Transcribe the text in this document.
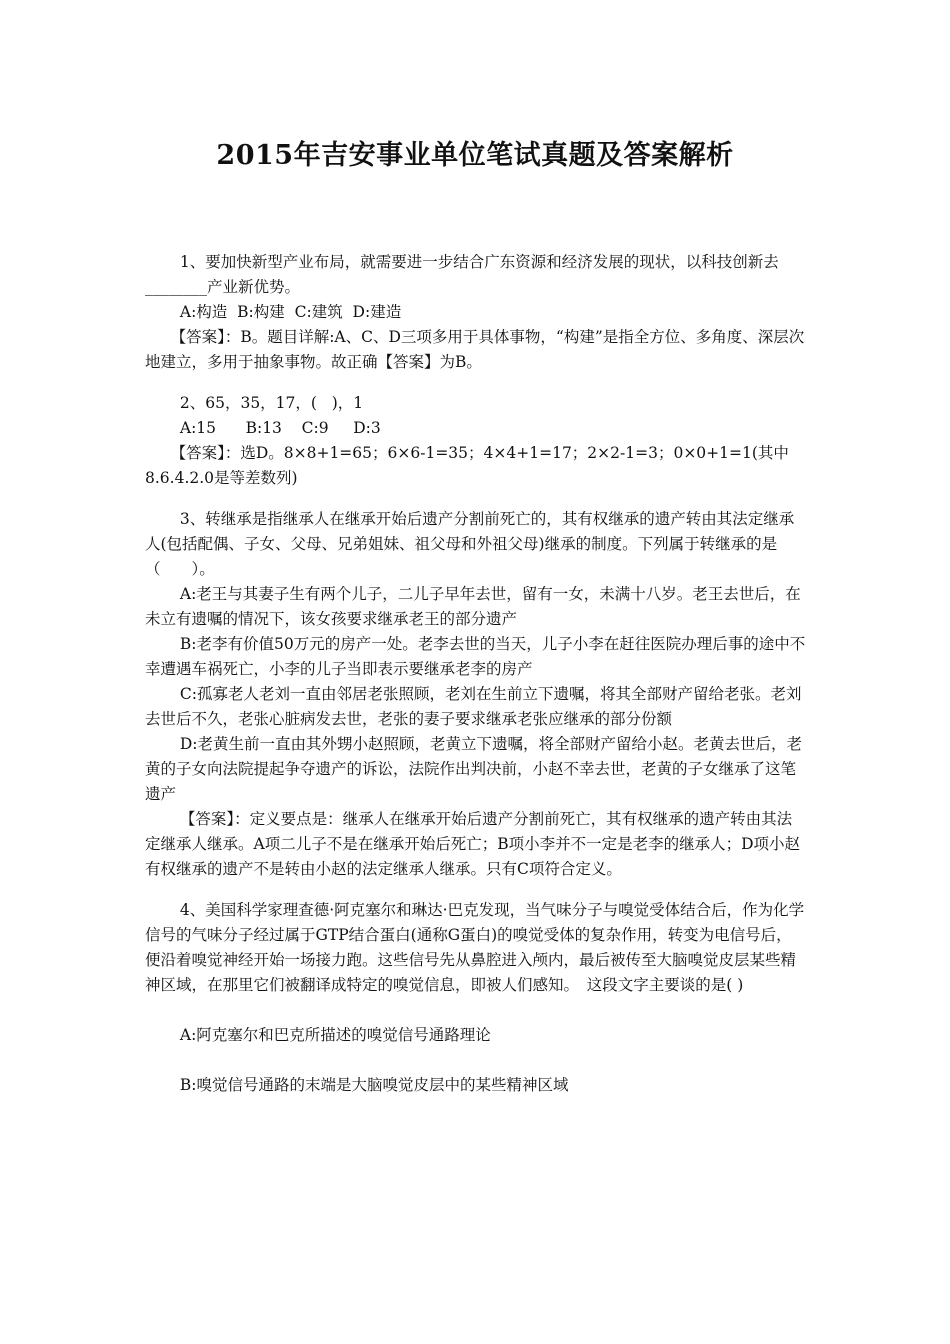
2015年吉安事业单位笔试真题及答案解析

1、要加快新型产业布局，就需要进一步结合广东资源和经济发展的现状，以科技创新去________产业新优势。

A:构造  B:构建  C:建筑  D:建造

【答案】：B。题目详解:A、C、D三项多用于具体事物，“构建”是指全方位、多角度、深层次地建立，多用于抽象事物。故正确【答案】为B。

2、65，35，17，(   )，1

A:15      B:13    C:9     D:3

【答案】：选D。8×8+1=65；6×6-1=35；4×4+1=17；2×2-1=3；0×0+1=1(其中8.6.4.2.0是等差数列)

3、转继承是指继承人在继承开始后遗产分割前死亡的，其有权继承的遗产转由其法定继承人(包括配偶、子女、父母、兄弟姐妹、祖父母和外祖父母)继承的制度。下列属于转继承的是（　　）。

A:老王与其妻子生有两个儿子，二儿子早年去世，留有一女，未满十八岁。老王去世后，在未立有遗嘱的情况下，该女孩要求继承老王的部分遗产

B:老李有价值50万元的房产一处。老李去世的当天，儿子小李在赶往医院办理后事的途中不幸遭遇车祸死亡，小李的儿子当即表示要继承老李的房产

C:孤寡老人老刘一直由邻居老张照顾，老刘在生前立下遗嘱，将其全部财产留给老张。老刘去世后不久，老张心脏病发去世，老张的妻子要求继承老张应继承的部分份额

D:老黄生前一直由其外甥小赵照顾，老黄立下遗嘱，将全部财产留给小赵。老黄去世后，老黄的子女向法院提起争夺遗产的诉讼，法院作出判决前，小赵不幸去世，老黄的子女继承了这笔遗产

【答案】：定义要点是：继承人在继承开始后遗产分割前死亡，其有权继承的遗产转由其法定继承人继承。A项二儿子不是在继承开始后死亡；B项小李并不一定是老李的继承人；D项小赵有权继承的遗产不是转由小赵的法定继承人继承。只有C项符合定义。

4、美国科学家理查德·阿克塞尔和琳达·巴克发现，当气味分子与嗅觉受体结合后，作为化学信号的气味分子经过属于GTP结合蛋白(通称G蛋白)的嗅觉受体的复杂作用，转变为电信号后，便沿着嗅觉神经开始一场接力跑。这些信号先从鼻腔进入颅内，最后被传至大脑嗅觉皮层某些精神区域，在那里它们被翻译成特定的嗅觉信息，即被人们感知。　这段文字主要谈的是( )

A:阿克塞尔和巴克所描述的嗅觉信号通路理论

B:嗅觉信号通路的末端是大脑嗅觉皮层中的某些精神区域
